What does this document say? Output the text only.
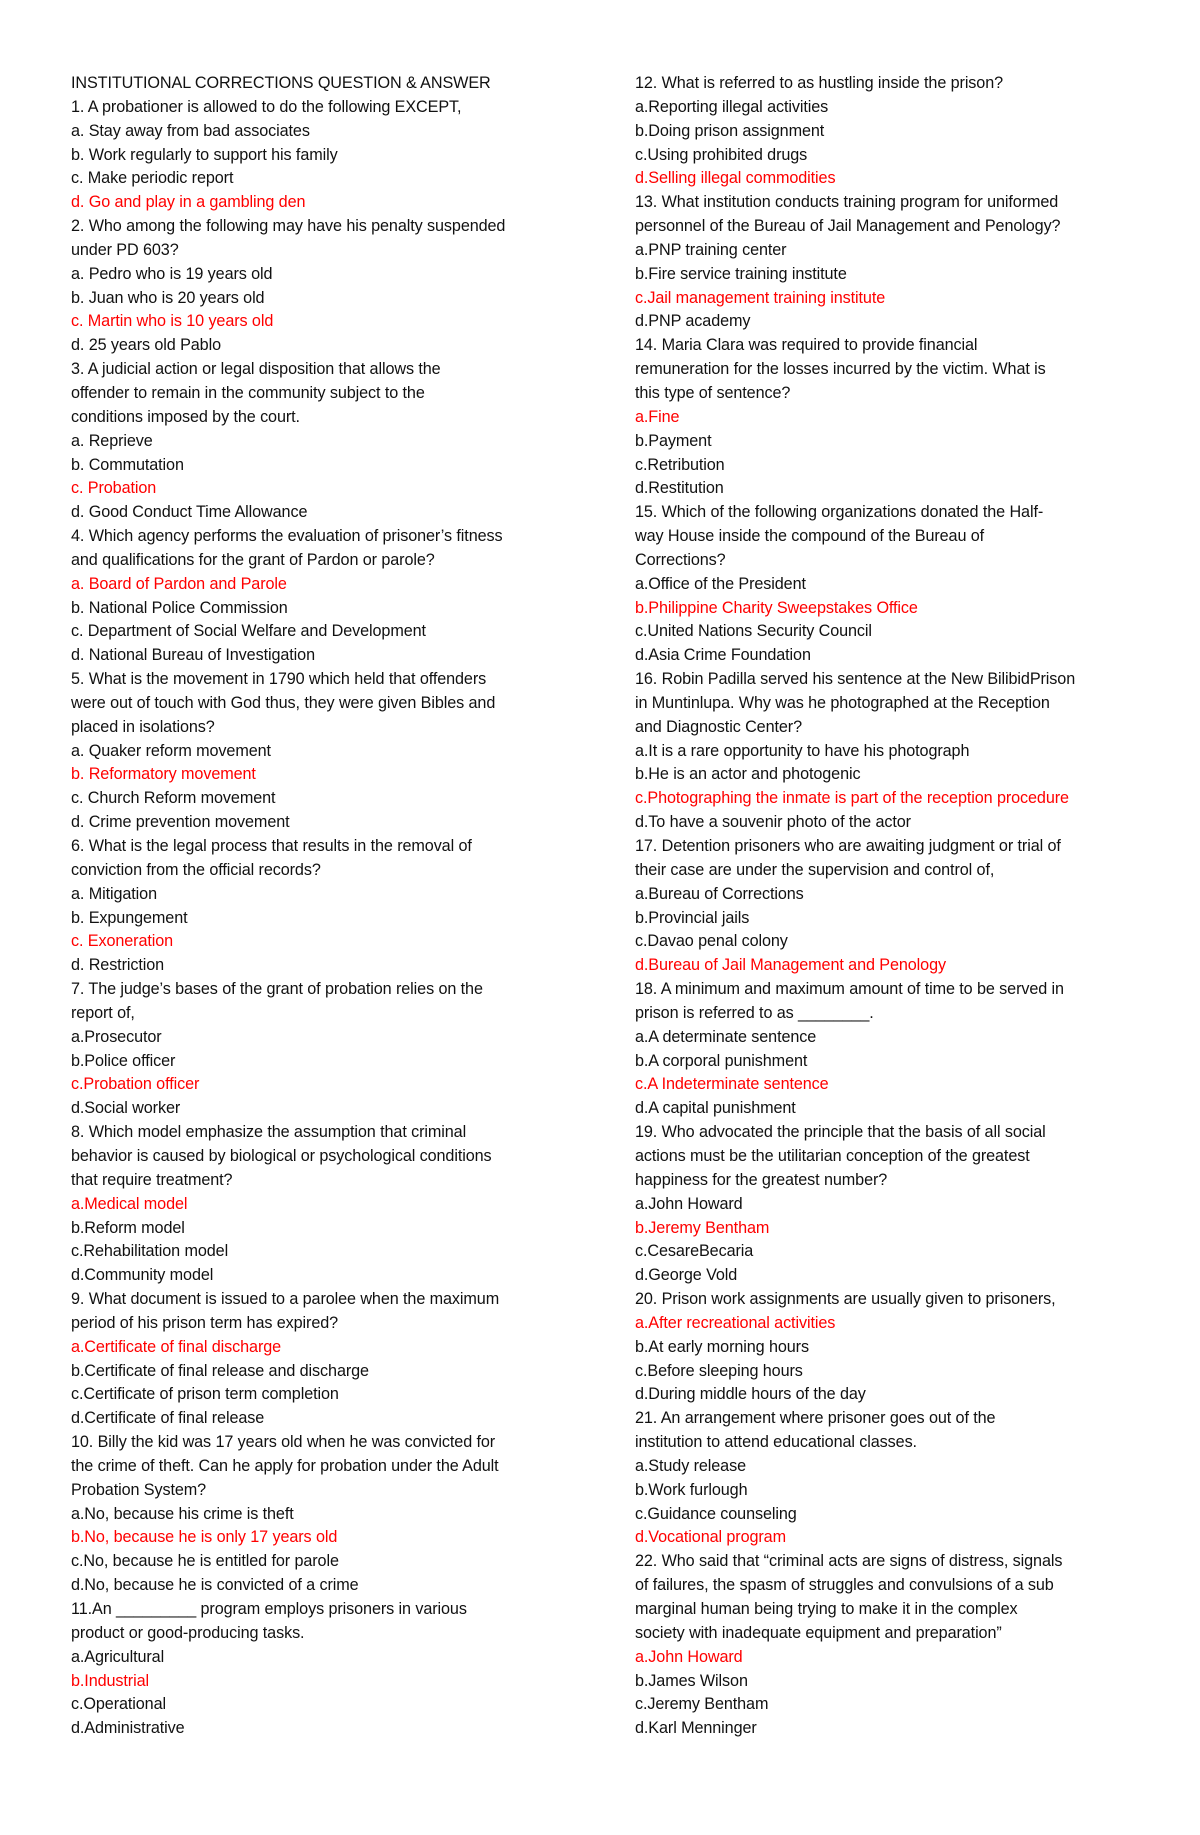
INSTITUTIONAL CORRECTIONS QUESTION & ANSWER
1. A probationer is allowed to do the following EXCEPT,
a. Stay away from bad associates
b. Work regularly to support his family
c. Make periodic report
d. Go and play in a gambling den
2. Who among the following may have his penalty suspended
under PD 603?
a. Pedro who is 19 years old
b. Juan who is 20 years old
c. Martin who is 10 years old
d. 25 years old Pablo
3. A judicial action or legal disposition that allows the
offender to remain in the community subject to the
conditions imposed by the court.
a. Reprieve
b. Commutation
c. Probation
d. Good Conduct Time Allowance
4. Which agency performs the evaluation of prisoner’s fitness
and qualifications for the grant of Pardon or parole?
a. Board of Pardon and Parole
b. National Police Commission
c. Department of Social Welfare and Development
d. National Bureau of Investigation
5. What is the movement in 1790 which held that offenders
were out of touch with God thus, they were given Bibles and
placed in isolations?
a. Quaker reform movement
b. Reformatory movement
c. Church Reform movement
d. Crime prevention movement
6. What is the legal process that results in the removal of
conviction from the official records?
a. Mitigation
b. Expungement
c. Exoneration
d. Restriction
7. The judge’s bases of the grant of probation relies on the
report of,
a.Prosecutor
b.Police officer
c.Probation officer
d.Social worker
8. Which model emphasize the assumption that criminal
behavior is caused by biological or psychological conditions
that require treatment?
a.Medical model
b.Reform model
c.Rehabilitation model
d.Community model
9. What document is issued to a parolee when the maximum
period of his prison term has expired?
a.Certificate of final discharge
b.Certificate of final release and discharge
c.Certificate of prison term completion
d.Certificate of final release
10. Billy the kid was 17 years old when he was convicted for
the crime of theft. Can he apply for probation under the Adult
Probation System?
a.No, because his crime is theft
b.No, because he is only 17 years old
c.No, because he is entitled for parole
d.No, because he is convicted of a crime
11.An _________ program employs prisoners in various
product or good-producing tasks.
a.Agricultural
b.Industrial
c.Operational
d.Administrative
12. What is referred to as hustling inside the prison?
a.Reporting illegal activities
b.Doing prison assignment
c.Using prohibited drugs
d.Selling illegal commodities
13. What institution conducts training program for uniformed
personnel of the Bureau of Jail Management and Penology?
a.PNP training center
b.Fire service training institute
c.Jail management training institute
d.PNP academy
14. Maria Clara was required to provide financial
remuneration for the losses incurred by the victim. What is
this type of sentence?
a.Fine
b.Payment
c.Retribution
d.Restitution
15. Which of the following organizations donated the Half-
way House inside the compound of the Bureau of
Corrections?
a.Office of the President
b.Philippine Charity Sweepstakes Office
c.United Nations Security Council
d.Asia Crime Foundation
16. Robin Padilla served his sentence at the New BilibidPrison
in Muntinlupa. Why was he photographed at the Reception
and Diagnostic Center?
a.It is a rare opportunity to have his photograph
b.He is an actor and photogenic
c.Photographing the inmate is part of the reception procedure
d.To have a souvenir photo of the actor
17. Detention prisoners who are awaiting judgment or trial of
their case are under the supervision and control of,
a.Bureau of Corrections
b.Provincial jails
c.Davao penal colony
d.Bureau of Jail Management and Penology
18. A minimum and maximum amount of time to be served in
prison is referred to as ________.
a.A determinate sentence
b.A corporal punishment
c.A Indeterminate sentence
d.A capital punishment
19. Who advocated the principle that the basis of all social
actions must be the utilitarian conception of the greatest
happiness for the greatest number?
a.John Howard
b.Jeremy Bentham
c.CesareBecaria
d.George Vold
20. Prison work assignments are usually given to prisoners,
a.After recreational activities
b.At early morning hours
c.Before sleeping hours
d.During middle hours of the day
21. An arrangement where prisoner goes out of the
institution to attend educational classes.
a.Study release
b.Work furlough
c.Guidance counseling
d.Vocational program
22. Who said that “criminal acts are signs of distress, signals
of failures, the spasm of struggles and convulsions of a sub
marginal human being trying to make it in the complex
society with inadequate equipment and preparation”
a.John Howard
b.James Wilson
c.Jeremy Bentham
d.Karl Menninger
